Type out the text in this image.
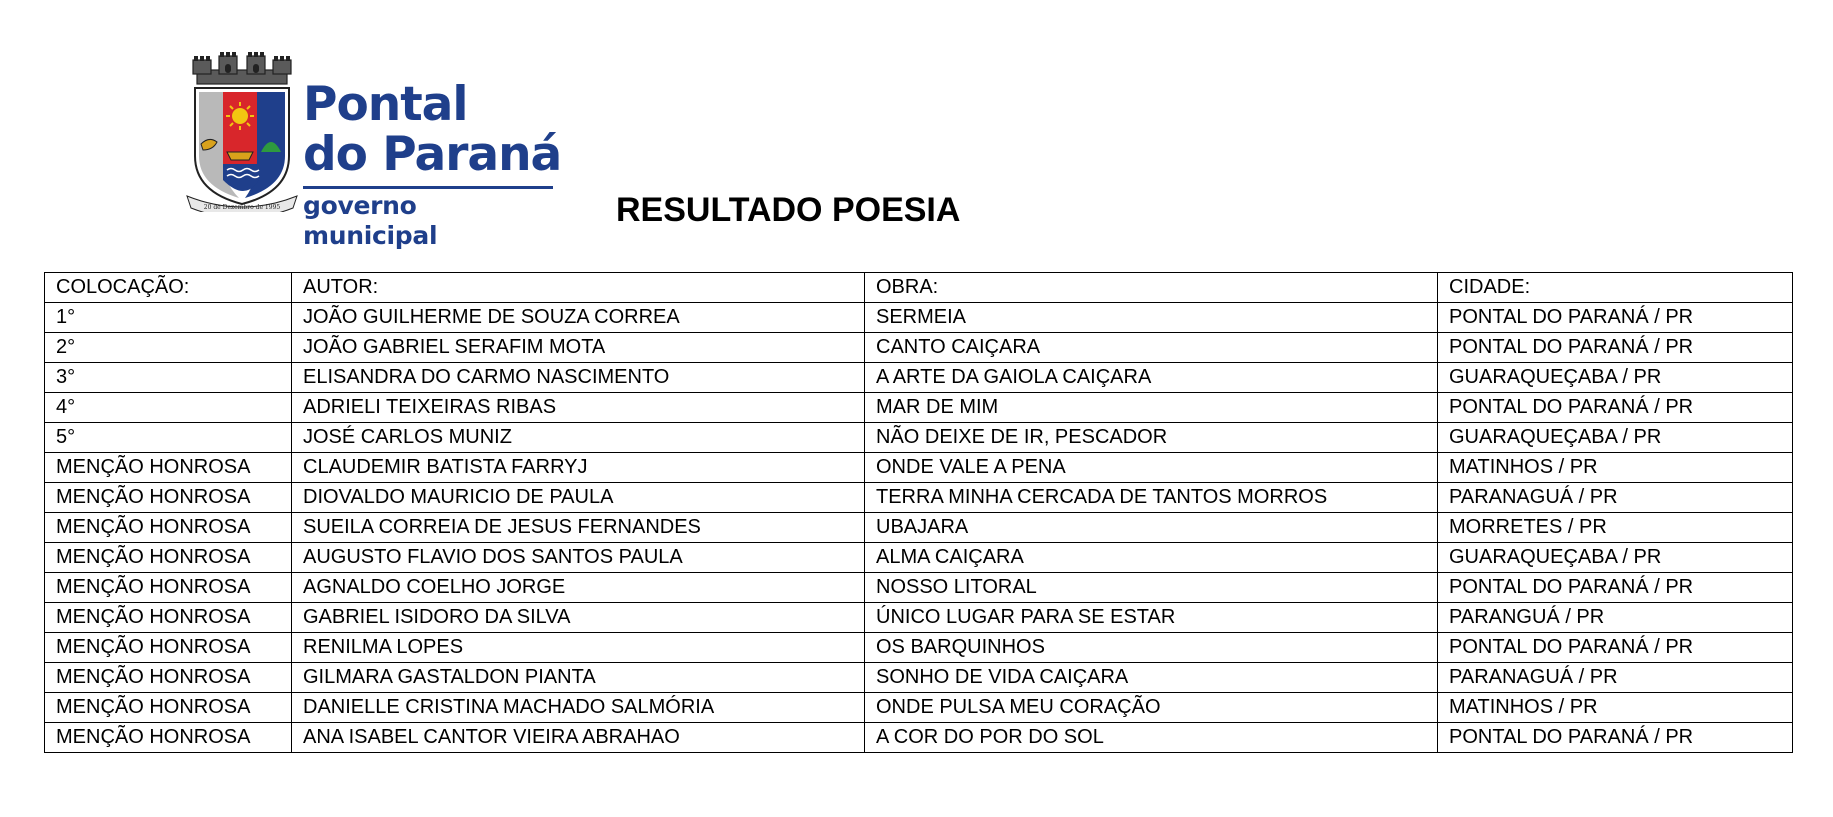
20 de Dezembro de 1995
Pontal
do Paraná
governo municipal
RESULTADO POESIA
COLOCAÇÃO:	AUTOR:	OBRA:	CIDADE:
1°	JOÃO GUILHERME DE SOUZA CORREA	SERMEIA	PONTAL DO PARANÁ / PR
2°	JOÃO GABRIEL SERAFIM MOTA	CANTO CAIÇARA	PONTAL DO PARANÁ / PR
3°	ELISANDRA DO CARMO NASCIMENTO	A ARTE DA GAIOLA CAIÇARA	GUARAQUEÇABA / PR
4°	ADRIELI TEIXEIRAS RIBAS	MAR DE MIM	PONTAL DO PARANÁ / PR
5°	JOSÉ CARLOS MUNIZ	NÃO DEIXE DE IR, PESCADOR	GUARAQUEÇABA / PR
MENÇÃO HONROSA	CLAUDEMIR BATISTA FARRYJ	ONDE VALE A PENA	MATINHOS / PR
MENÇÃO HONROSA	DIOVALDO MAURICIO DE PAULA	TERRA MINHA CERCADA DE TANTOS MORROS	PARANAGUÁ / PR
MENÇÃO HONROSA	SUEILA CORREIA DE JESUS FERNANDES	UBAJARA	MORRETES / PR
MENÇÃO HONROSA	AUGUSTO FLAVIO DOS SANTOS PAULA	ALMA CAIÇARA	GUARAQUEÇABA / PR
MENÇÃO HONROSA	AGNALDO COELHO JORGE	NOSSO LITORAL	PONTAL DO PARANÁ / PR
MENÇÃO HONROSA	GABRIEL ISIDORO DA SILVA	ÚNICO LUGAR PARA SE ESTAR	PARANGUÁ / PR
MENÇÃO HONROSA	RENILMA LOPES	OS BARQUINHOS	PONTAL DO PARANÁ / PR
MENÇÃO HONROSA	GILMARA GASTALDON PIANTA	SONHO DE VIDA CAIÇARA	PARANAGUÁ / PR
MENÇÃO HONROSA	DANIELLE CRISTINA MACHADO SALMÓRIA	ONDE PULSA MEU CORAÇÃO	MATINHOS / PR
MENÇÃO HONROSA	ANA ISABEL CANTOR VIEIRA ABRAHAO	A COR DO POR DO SOL	PONTAL DO PARANÁ / PR
